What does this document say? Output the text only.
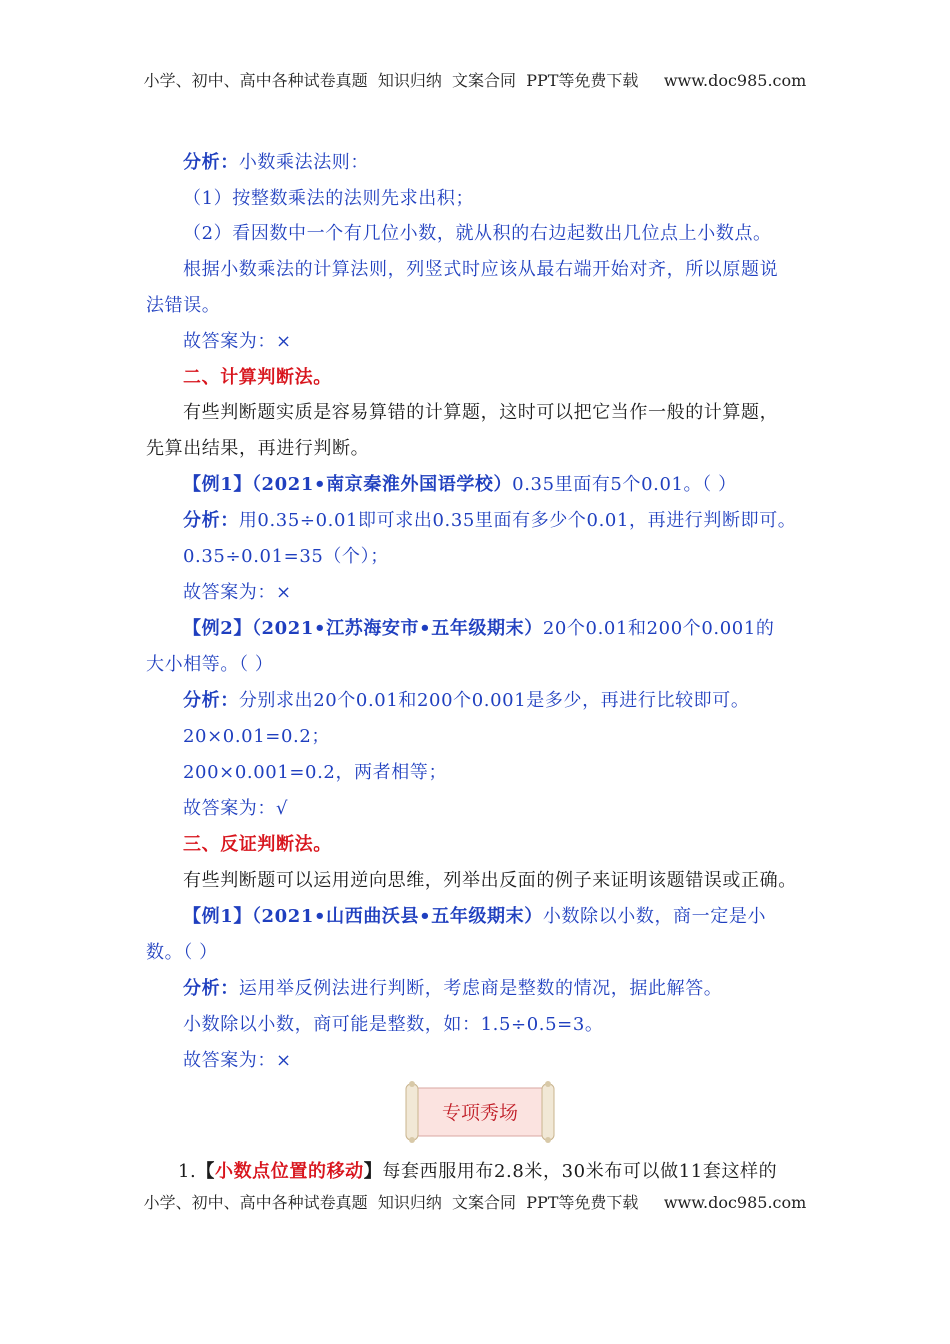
小学、初中、高中各种试卷真题  知识归纳  文案合同  PPT等免费下载     www.doc985.com
分析：小数乘法法则：
（1）按整数乘法的法则先求出积；
（2）看因数中一个有几位小数，就从积的右边起数出几位点上小数点。
根据小数乘法的计算法则，列竖式时应该从最右端开始对齐，所以原题说
法错误。
故答案为：×
二、计算判断法。
有些判断题实质是容易算错的计算题，这时可以把它当作一般的计算题，
先算出结果，再进行判断。
【例1】（2021•南京秦淮外国语学校）0.35里面有5个0.01。（ ）
分析：用0.35÷0.01即可求出0.35里面有多少个0.01，再进行判断即可。
0.35÷0.01=35（个）；
故答案为：×
【例2】（2021•江苏海安市•五年级期末）20个0.01和200个0.001的
大小相等。（ ）
分析：分别求出20个0.01和200个0.001是多少，再进行比较即可。
20×0.01=0.2；
200×0.001=0.2，两者相等；
故答案为：√
三、反证判断法。
有些判断题可以运用逆向思维，列举出反面的例子来证明该题错误或正确。
【例1】（2021•山西曲沃县•五年级期末）小数除以小数，商一定是小
数。（ ）
分析：运用举反例法进行判断，考虑商是整数的情况，据此解答。
小数除以小数，商可能是整数，如：1.5÷0.5=3。
故答案为：×
专项秀场
1.【小数点位置的移动】每套西服用布2.8米，30米布可以做11套这样的
小学、初中、高中各种试卷真题  知识归纳  文案合同  PPT等免费下载     www.doc985.com
